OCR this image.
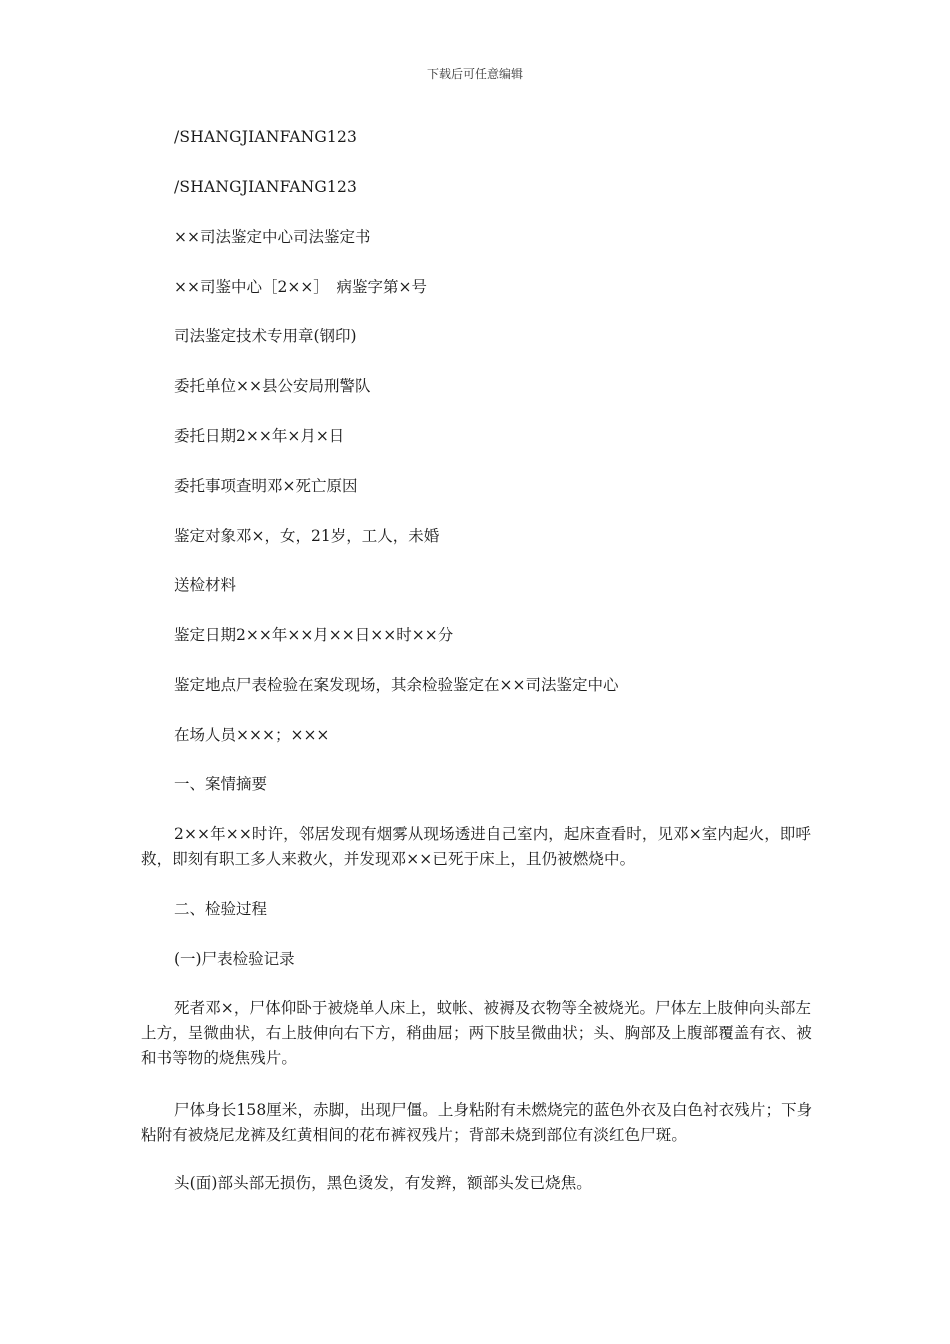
下载后可任意编辑
/SHANGJIANFANG123
/SHANGJIANFANG123
××司法鉴定中心司法鉴定书
××司鉴中心［2××］　病鉴字第×号
司法鉴定技术专用章(钢印)
委托单位××县公安局刑警队
委托日期2××年×月×日
委托事项查明邓×死亡原因
鉴定对象邓×，女，21岁，工人，未婚
送检材料
鉴定日期2××年××月××日××时××分
鉴定地点尸表检验在案发现场，其余检验鉴定在××司法鉴定中心
在场人员×××；×××
一、案情摘要
2××年××时许，邻居发现有烟雾从现场透进自己室内，起床查看时，见邓×室内起火，即呼救，即刻有职工多人来救火，并发现邓××已死于床上，且仍被燃烧中。
二、检验过程
(一)尸表检验记录
死者邓×，尸体仰卧于被烧单人床上，蚊帐、被褥及衣物等全被烧光。尸体左上肢伸向头部左上方，呈微曲状，右上肢伸向右下方，稍曲屈；两下肢呈微曲状；头、胸部及上腹部覆盖有衣、被和书等物的烧焦残片。
尸体身长158厘米，赤脚，出现尸僵。上身粘附有未燃烧完的蓝色外衣及白色衬衣残片；下身粘附有被烧尼龙裤及红黄相间的花布裤衩残片；背部未烧到部位有淡红色尸斑。
头(面)部头部无损伤，黑色烫发，有发辫，额部头发已烧焦。
